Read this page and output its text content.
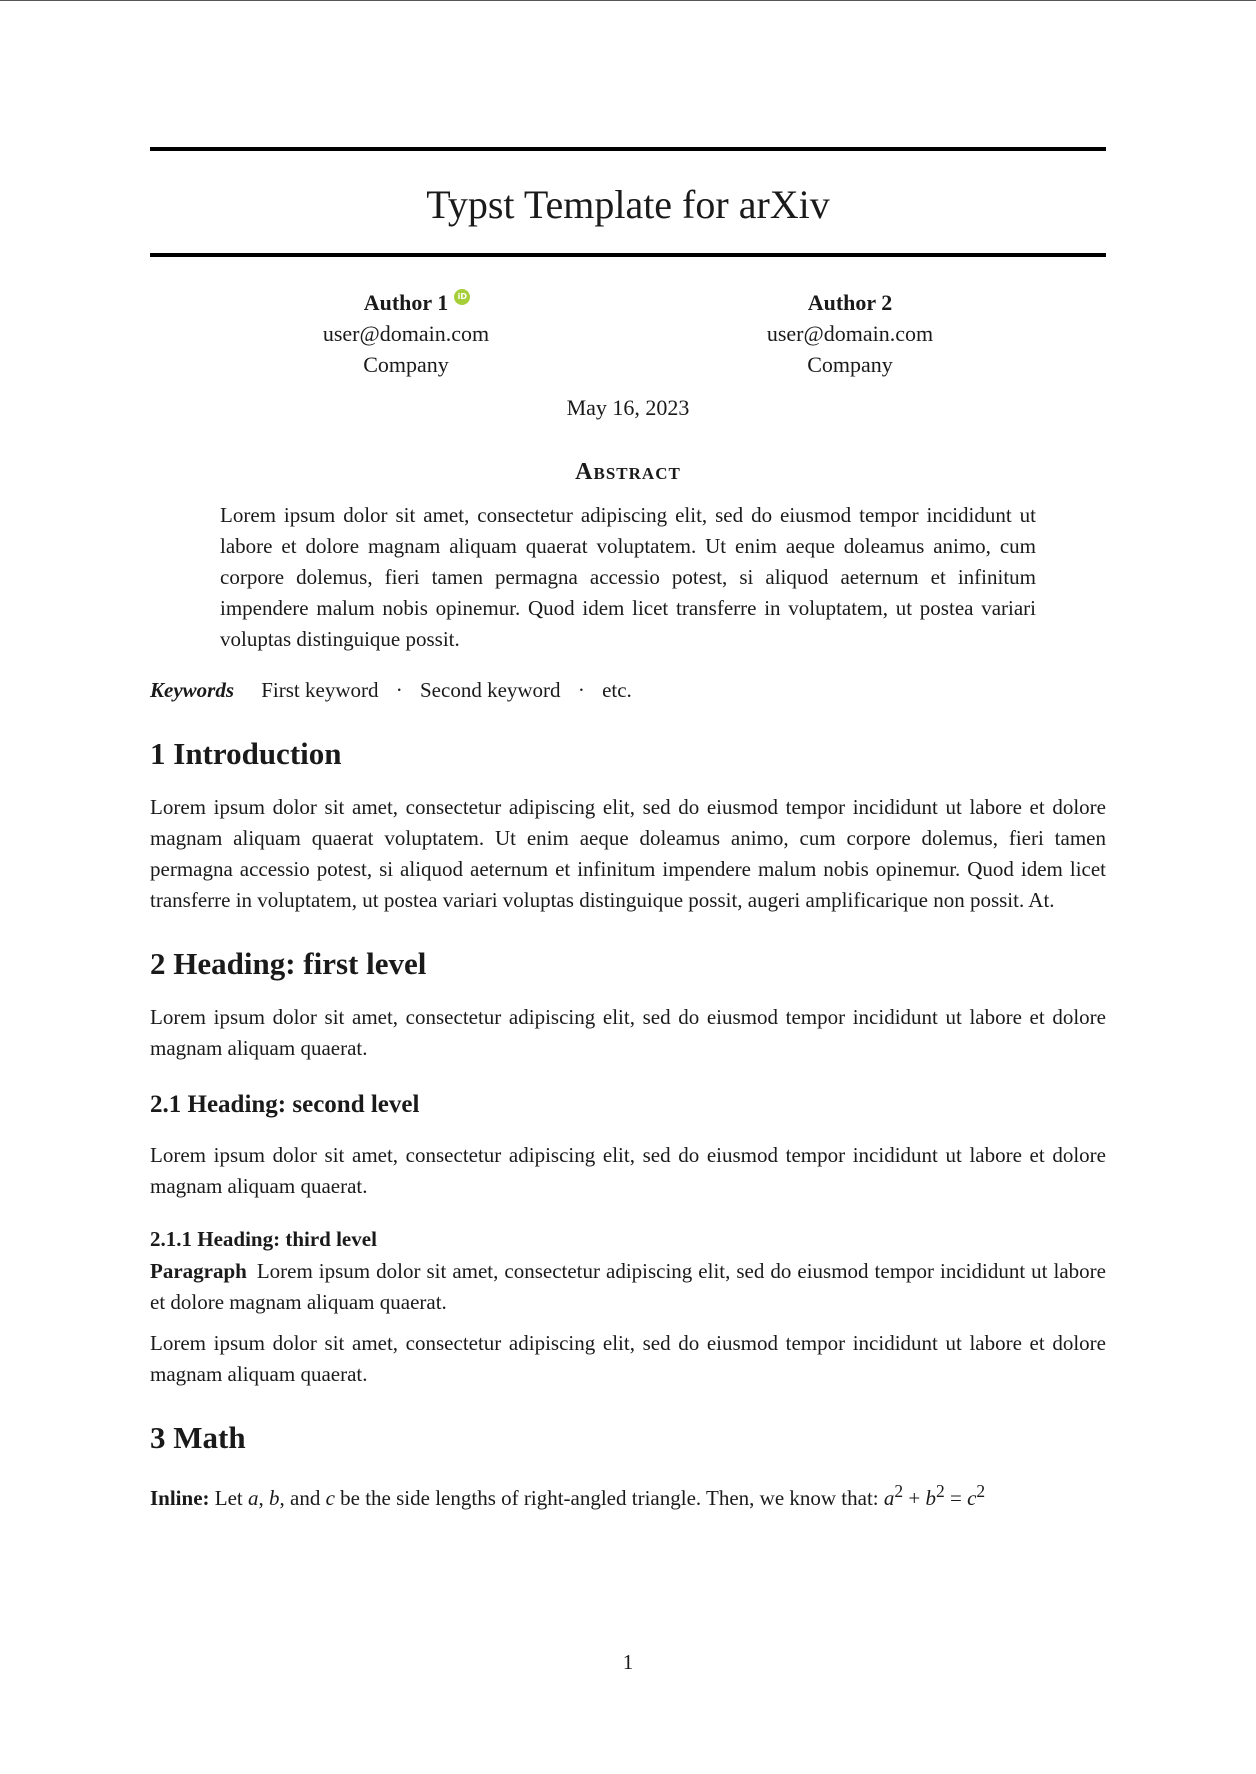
Typst Template for arXiv
Author 1	iD
user@domain.com
Company
Author 2
user@domain.com
Company
May 16, 2023
Abstract
Lorem ipsum dolor sit amet, consectetur adipiscing elit, sed do eiusmod tempor incididunt ut labore et dolore magnam aliquam quaerat voluptatem. Ut enim aeque doleamus animo, cum corpore dolemus, fieri tamen permagna accessio potest, si aliquod aeternum et infinitum impendere malum nobis opinemur. Quod idem licet transferre in voluptatem, ut postea variari voluptas distinguique possit.
Keywords First keyword · Second keyword · etc.
1 Introduction

Lorem ipsum dolor sit amet, consectetur adipiscing elit, sed do eiusmod tempor incididunt ut labore et dolore magnam aliquam quaerat voluptatem. Ut enim aeque doleamus animo, cum corpore dolemus, fieri tamen permagna accessio potest, si aliquod aeternum et infinitum impendere malum nobis opinemur. Quod idem licet transferre in voluptatem, ut postea variari voluptas distinguique possit, augeri amplificarique non possit. At.

2 Heading: first level

Lorem ipsum dolor sit amet, consectetur adipiscing elit, sed do eiusmod tempor incididunt ut labore et dolore magnam aliquam quaerat.

2.1 Heading: second level

Lorem ipsum dolor sit amet, consectetur adipiscing elit, sed do eiusmod tempor incididunt ut labore et dolore magnam aliquam quaerat.

2.1.1 Heading: third level

Paragraph Lorem ipsum dolor sit amet, consectetur adipiscing elit, sed do eiusmod tempor incididunt ut labore et dolore magnam aliquam quaerat.

Lorem ipsum dolor sit amet, consectetur adipiscing elit, sed do eiusmod tempor incididunt ut labore et dolore magnam aliquam quaerat.

3 Math

Inline: Let a, b, and c be the side lengths of right-angled triangle. Then, we know that: $a^2 + b^2 = c^2$

1
